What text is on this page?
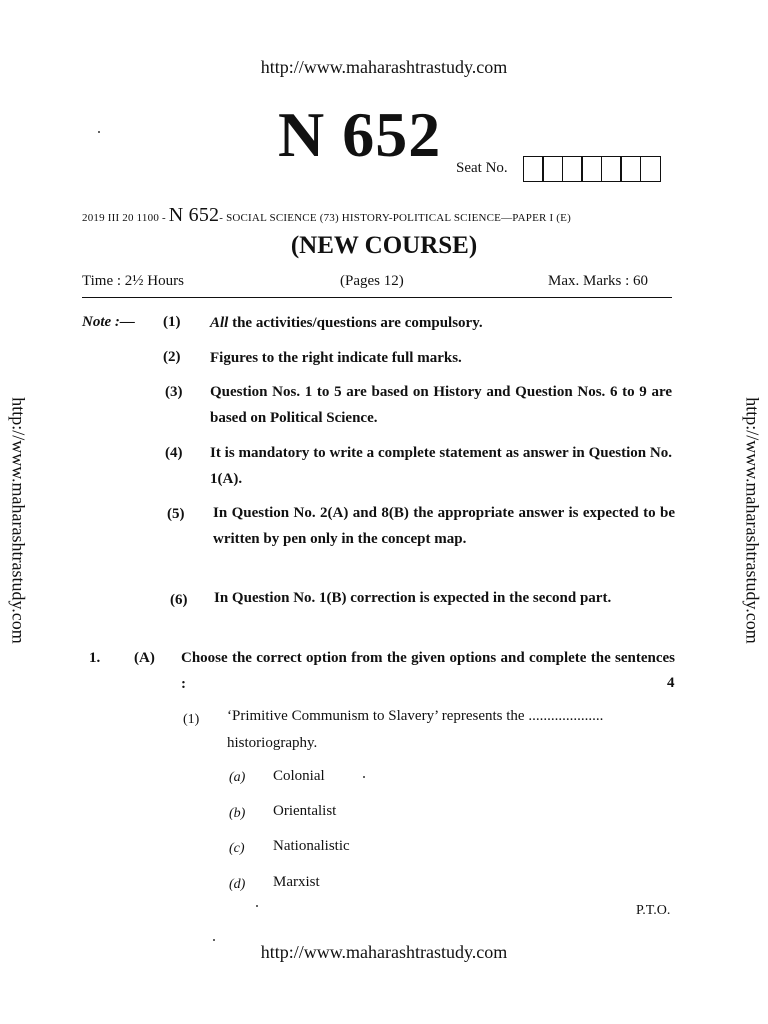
http://www.maharashtrastudy.com
http://www.maharashtrastudy.com	http://www.maharashtrastudy.com
N 652 Seat No.
2019 III 20 1100 - N 652- SOCIAL SCIENCE (73) HISTORY-POLITICAL SCIENCE—PAPER I (E)
(NEW COURSE)
Time : 2½ Hours	(Pages 12)	Max. Marks : 60
Note :— (1) All the activities/questions are compulsory.
(2) Figures to the right indicate full marks.
(3) Question Nos. 1 to 5 are based on History and Question Nos. 6 to 9 are based on Political Science.
(4) It is mandatory to write a complete statement as answer in Question No. 1(A).
(5) In Question No. 2(A) and 8(B) the appropriate answer is expected to be written by pen only in the concept map.
(6) In Question No. 1(B) correction is expected in the second part.
1. (A) Choose the correct option from the given options and complete the sentences :	4
(1) ‘Primitive Communism to Slavery’ represents the .................... historiography.
(a) Colonial
(b) Orientalist
(c) Nationalistic
(d) Marxist
P.T.O.
http://www.maharashtrastudy.com
